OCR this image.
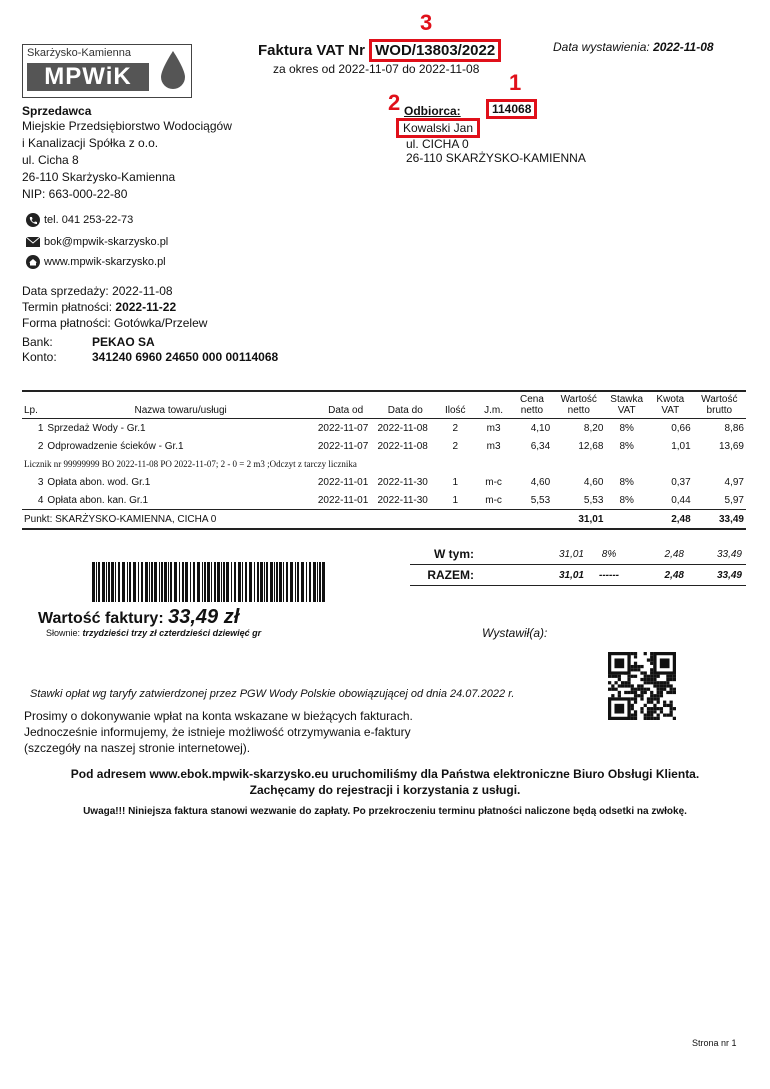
Skarżysko-Kamienna
MPWiK
Faktura VAT Nr WOD/13803/2022
3
za okres od 2022-11-07 do 2022-11-08
Data wystawienia: 2022-11-08
Sprzedawca
Miejskie Przedsiębiorstwo Wodociągów
i Kanalizacji Spółka z o.o.
ul. Cicha 8
26-110 Skarżysko-Kamienna
NIP: 663-000-22-80
1
2 Odbiorca:	114068
Kowalski Jan
ul. CICHA 0
26-110 SKARŻYSKO-KAMIENNA
tel. 041 253-22-73
bok@mpwik-skarzysko.pl
www.mpwik-skarzysko.pl
Data sprzedaży: 2022-11-08
Termin płatności: 2022-11-22
Forma płatności: Gotówka/Przelew
Bank:	PEKAO SA
Konto:	341240 6960 24650 000 00114068
Lp.	Nazwa towaru/usługi	Data od	Data do	Ilość	J.m.	Cena netto	Wartość netto	Stawka VAT	Kwota VAT	Wartość brutto
1	Sprzedaż Wody - Gr.1	2022-11-07	2022-11-08	2	m3	4,10	8,20	8%	0,66	8,86
2	Odprowadzenie ścieków - Gr.1	2022-11-07	2022-11-08	2	m3	6,34	12,68	8%	1,01	13,69
Licznik nr 99999999 BO 2022-11-08 PO 2022-11-07; 2 - 0 = 2 m3 ;Odczyt z tarczy licznika										
3	Opłata abon. wod. Gr.1	2022-11-01	2022-11-30	1	m-c	4,60	4,60	8%	0,37	4,97
4	Opłata abon. kan. Gr.1	2022-11-01	2022-11-30	1	m-c	5,53	5,53	8%	0,44	5,97
Punkt: SKARŻYSKO-KAMIENNA, CICHA 0							31,01		2,48	33,49
W tym:	31,01	8%	2,48	33,49
RAZEM:	31,01	------	2,48	33,49
Wartość faktury: 33,49 zł
Słownie: trzydzieści trzy zł czterdzieści dziewięć gr	Wystawił(a):
Stawki opłat wg taryfy zatwierdzonej przez PGW Wody Polskie obowiązującej od dnia 24.07.2022 r.
Prosimy o dokonywanie wpłat na konta wskazane w bieżących fakturach.
Jednocześnie informujemy, że istnieje możliwość otrzymywania e-faktury
(szczegóły na naszej stronie internetowej).
Pod adresem www.ebok.mpwik-skarzysko.eu uruchomiliśmy dla Państwa elektroniczne Biuro Obsługi Klienta.
Zachęcamy do rejestracji i korzystania z usługi.
Uwaga!!! Niniejsza faktura stanowi wezwanie do zapłaty. Po przekroczeniu terminu płatności naliczone będą odsetki na zwłokę.
Strona nr 1
